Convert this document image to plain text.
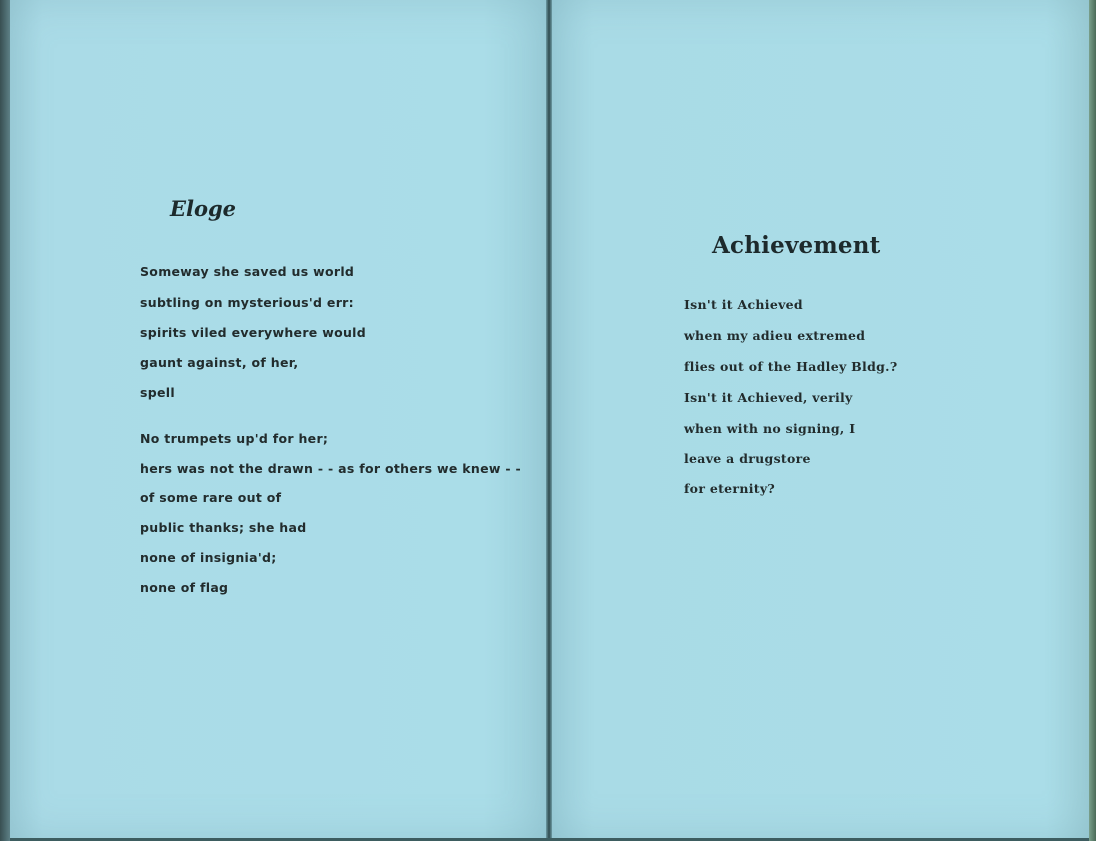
Eloge

Someway she saved us world

subtling on mysterious'd err:

spirits viled everywhere would

gaunt against, of her,

spell

No trumpets up'd for her;

hers was not the drawn - - as for others we knew - -

of some rare out of

public thanks; she had

none of insignia'd;

none of flag

Achievement

Isn't it Achieved

when my adieu extremed

flies out of the Hadley Bldg.?

Isn't it Achieved, verily

when with no signing, I

leave a drugstore

for eternity?
